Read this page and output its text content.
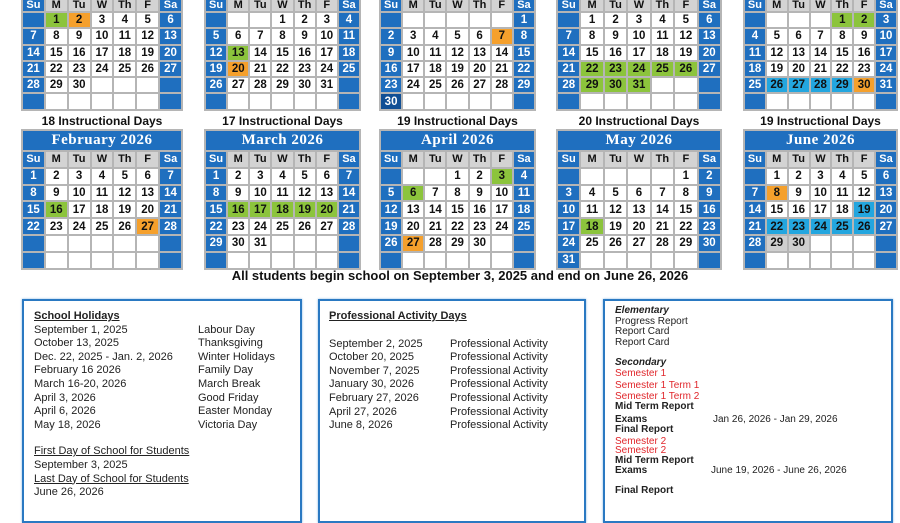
Su	M	Tu	W	Th	F	Sa
	1	2	3	4	5	6
7	8	9	10	11	12	13
14	15	16	17	18	19	20
21	22	23	24	25	26	27
28	29	30				

18 Instructional Days
Su	M	Tu	W	Th	F	Sa
			1	2	3	4
5	6	7	8	9	10	11
12	13	14	15	16	17	18
19	20	21	22	23	24	25
26	27	28	29	30	31	

17 Instructional Days
Su	M	Tu	W	Th	F	Sa
						1
2	3	4	5	6	7	8
9	10	11	12	13	14	15
16	17	18	19	20	21	22
23	24	25	26	27	28	29
30						
19 Instructional Days
Su	M	Tu	W	Th	F	Sa
	1	2	3	4	5	6
7	8	9	10	11	12	13
14	15	16	17	18	19	20
21	22	23	24	25	26	27
28	29	30	31			

20 Instructional Days
Su	M	Tu	W	Th	F	Sa
				1	2	3
4	5	6	7	8	9	10
11	12	13	14	15	16	17
18	19	20	21	22	23	24
25	26	27	28	29	30	31

19 Instructional Days
February 2026
Su	M	Tu	W	Th	F	Sa
1	2	3	4	5	6	7
8	9	10	11	12	13	14
15	16	17	18	19	20	21
22	23	24	25	26	27	28

March 2026
Su	M	Tu	W	Th	F	Sa
1	2	3	4	5	6	7
8	9	10	11	12	13	14
15	16	17	18	19	20	21
22	23	24	25	26	27	28
29	30	31				

April 2026
Su	M	Tu	W	Th	F	Sa
			1	2	3	4
5	6	7	8	9	10	11
12	13	14	15	16	17	18
19	20	21	22	23	24	25
26	27	28	29	30		

May 2026
Su	M	Tu	W	Th	F	Sa
					1	2
3	4	5	6	7	8	9
10	11	12	13	14	15	16
17	18	19	20	21	22	23
24	25	26	27	28	29	30
31						
June 2026
Su	M	Tu	W	Th	F	Sa
	1	2	3	4	5	6
7	8	9	10	11	12	13
14	15	16	17	18	19	20
21	22	23	24	25	26	27
28	29	30				

All students begin school on September 3, 2025 and end on June 26, 2026
School Holidays
September 1, 2025	Labour Day
October 13, 2025	Thanksgiving
Dec. 22, 2025 - Jan. 2, 2026	Winter Holidays
February 16 2026	Family Day
March 16-20, 2026	March Break
April 3, 2026	Good Friday
April 6, 2026	Easter Monday
May 18, 2026	Victoria Day
First Day of School for Students
September 3, 2025
Last Day of School for Students
June 26, 2026
Professional Activity Days
September 2, 2025	Professional Activity
October 20, 2025	Professional Activity
November 7, 2025	Professional Activity
January 30, 2026	Professional Activity
February 27, 2026	Professional Activity
April 27, 2026	Professional Activity
June 8, 2026	Professional Activity
Elementary
Progress Report
Report Card
Report Card
Secondary
Semester 1
Semester 1 Term 1
Semester 1 Term 2
Mid Term Report
Exams	Jan 26, 2026 - Jan 29, 2026
Final Report
Semester 2
Semester 2
Mid Term Report
Exams	June 19, 2026 - June 26, 2026
Final Report
